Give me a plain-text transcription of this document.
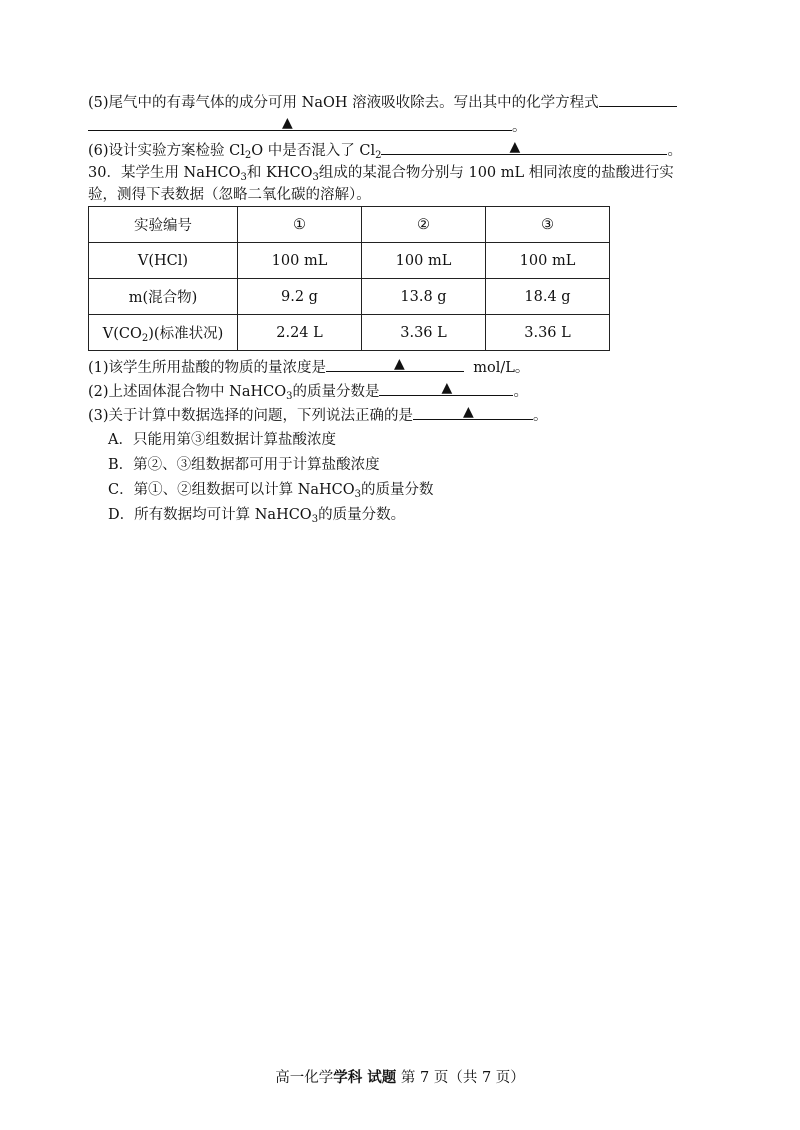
(5)尾气中的有毒气体的成分可用 NaOH 溶液吸收除去。写出其中的化学方程式
▲	。
(6)设计实验方案检验 $Cl_2O$ 中是否混入了 $Cl_2$
▲	。
30．某学生用 NaHCO$_3$和 $KHCO_3$组成的某混合物分别与 100 mL 相同浓度的盐酸进行实
验，测得下表数据（忽略二氧化碳的溶解）。
实验编号	①	②	③
V(HCl)	100 mL	100 mL	100 mL
m(混合物)	9.2 g	13.8 g	18.4 g
$V(CO_2)$(标准状况)	2.24 L	3.36 L	3.36 L
(1)该学生所用盐酸的物质的量浓度是	▲	mol/L。
(2)上述固体混合物中 NaHCO$_3$的质量分数是	▲	。
(3)关于计算中数据选择的问题，下列说法正确的是	▲	。
A．只能用第③组数据计算盐酸浓度
B．第②、③组数据都可用于计算盐酸浓度
C．第①、②组数据可以计算 NaHCO$_3$的质量分数
D．所有数据均可计算 NaHCO$_3$的质量分数。
高一化学学科 试题 第 7 页（共 7 页）
